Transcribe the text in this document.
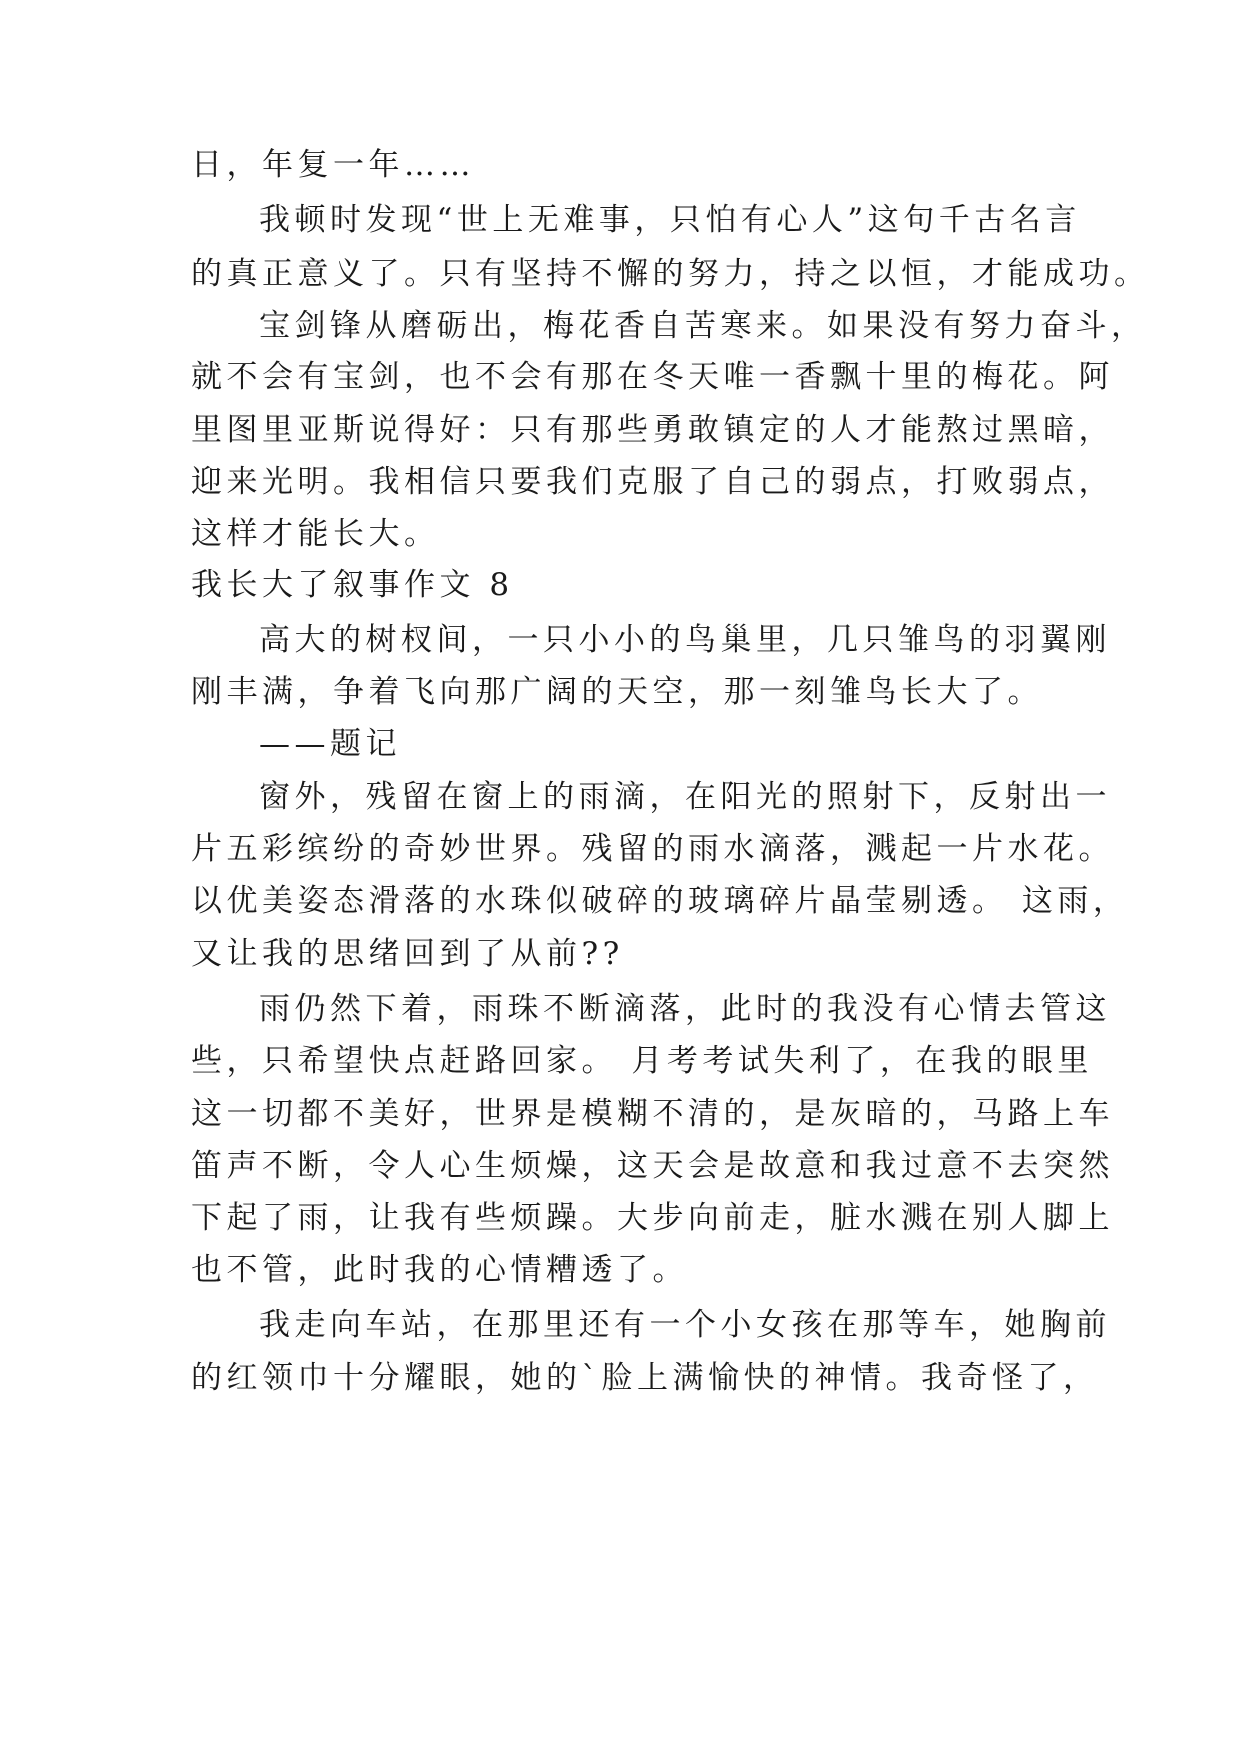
日，年复一年……

我顿时发现“世上无难事，只怕有心人”这句千古名言

的真正意义了。只有坚持不懈的努力，持之以恒，才能成功。

宝剑锋从磨砺出，梅花香自苦寒来。如果没有努力奋斗，

就不会有宝剑，也不会有那在冬天唯一香飘十里的梅花。阿

里图里亚斯说得好：只有那些勇敢镇定的人才能熬过黑暗，

迎来光明。我相信只要我们克服了自己的弱点，打败弱点，

这样才能长大。

我长大了叙事作文 8

高大的树杈间，一只小小的鸟巢里，几只雏鸟的羽翼刚

刚丰满，争着飞向那广阔的天空，那一刻雏鸟长大了。

——题记

窗外，残留在窗上的雨滴，在阳光的照射下，反射出一

片五彩缤纷的奇妙世界。残留的雨水滴落，溅起一片水花。

以优美姿态滑落的水珠似破碎的玻璃碎片晶莹剔透。 这雨，

又让我的思绪回到了从前??

雨仍然下着，雨珠不断滴落，此时的我没有心情去管这

些，只希望快点赶路回家。 月考考试失利了，在我的眼里

这一切都不美好，世界是模糊不清的，是灰暗的，马路上车

笛声不断，令人心生烦燥，这天会是故意和我过意不去突然

下起了雨，让我有些烦躁。大步向前走，脏水溅在别人脚上

也不管，此时我的心情糟透了。

我走向车站，在那里还有一个小女孩在那等车，她胸前

的红领巾十分耀眼，她的`脸上满愉快的神情。我奇怪了，
